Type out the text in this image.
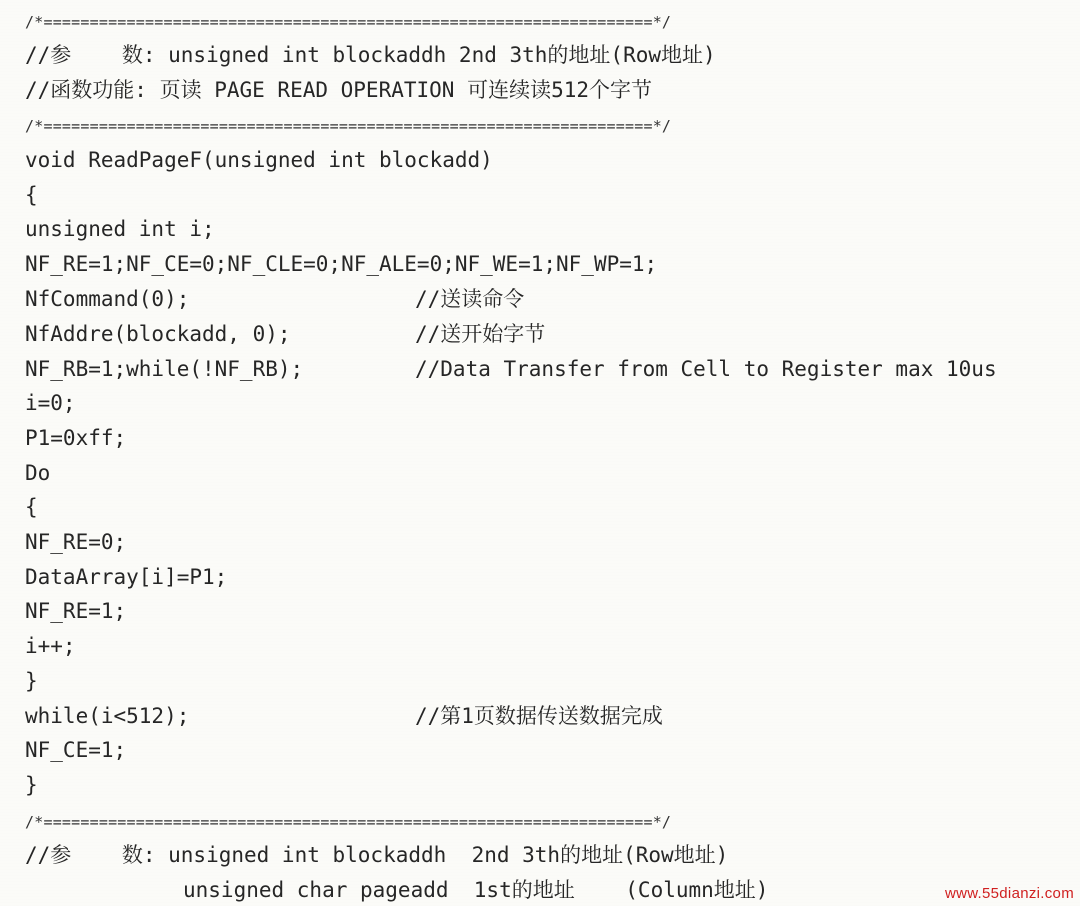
/*==================================================================*/
//参    数: unsigned int blockaddh 2nd 3th的地址(Row地址)
//函数功能: 页读 PAGE READ OPERATION 可连续读512个字节
/*==================================================================*/
void ReadPageF(unsigned int blockadd)
{
unsigned int i;
NF_RE=1;NF_CE=0;NF_CLE=0;NF_ALE=0;NF_WE=1;NF_WP=1;
NfCommand(0);	//送读命令
NfAddre(blockadd, 0);	//送开始字节
NF_RB=1;while(!NF_RB);	//Data Transfer from Cell to Register max 10us
i=0;
P1=0xff;
Do
{
NF_RE=0;
DataArray[i]=P1;
NF_RE=1;
i++;
}
while(i<512);	//第1页数据传送数据完成
NF_CE=1;
}
/*==================================================================*/
//参    数: unsigned int blockaddh  2nd 3th的地址(Row地址)
unsigned char pageadd  1st的地址    (Column地址)	www.55dianzi.com
